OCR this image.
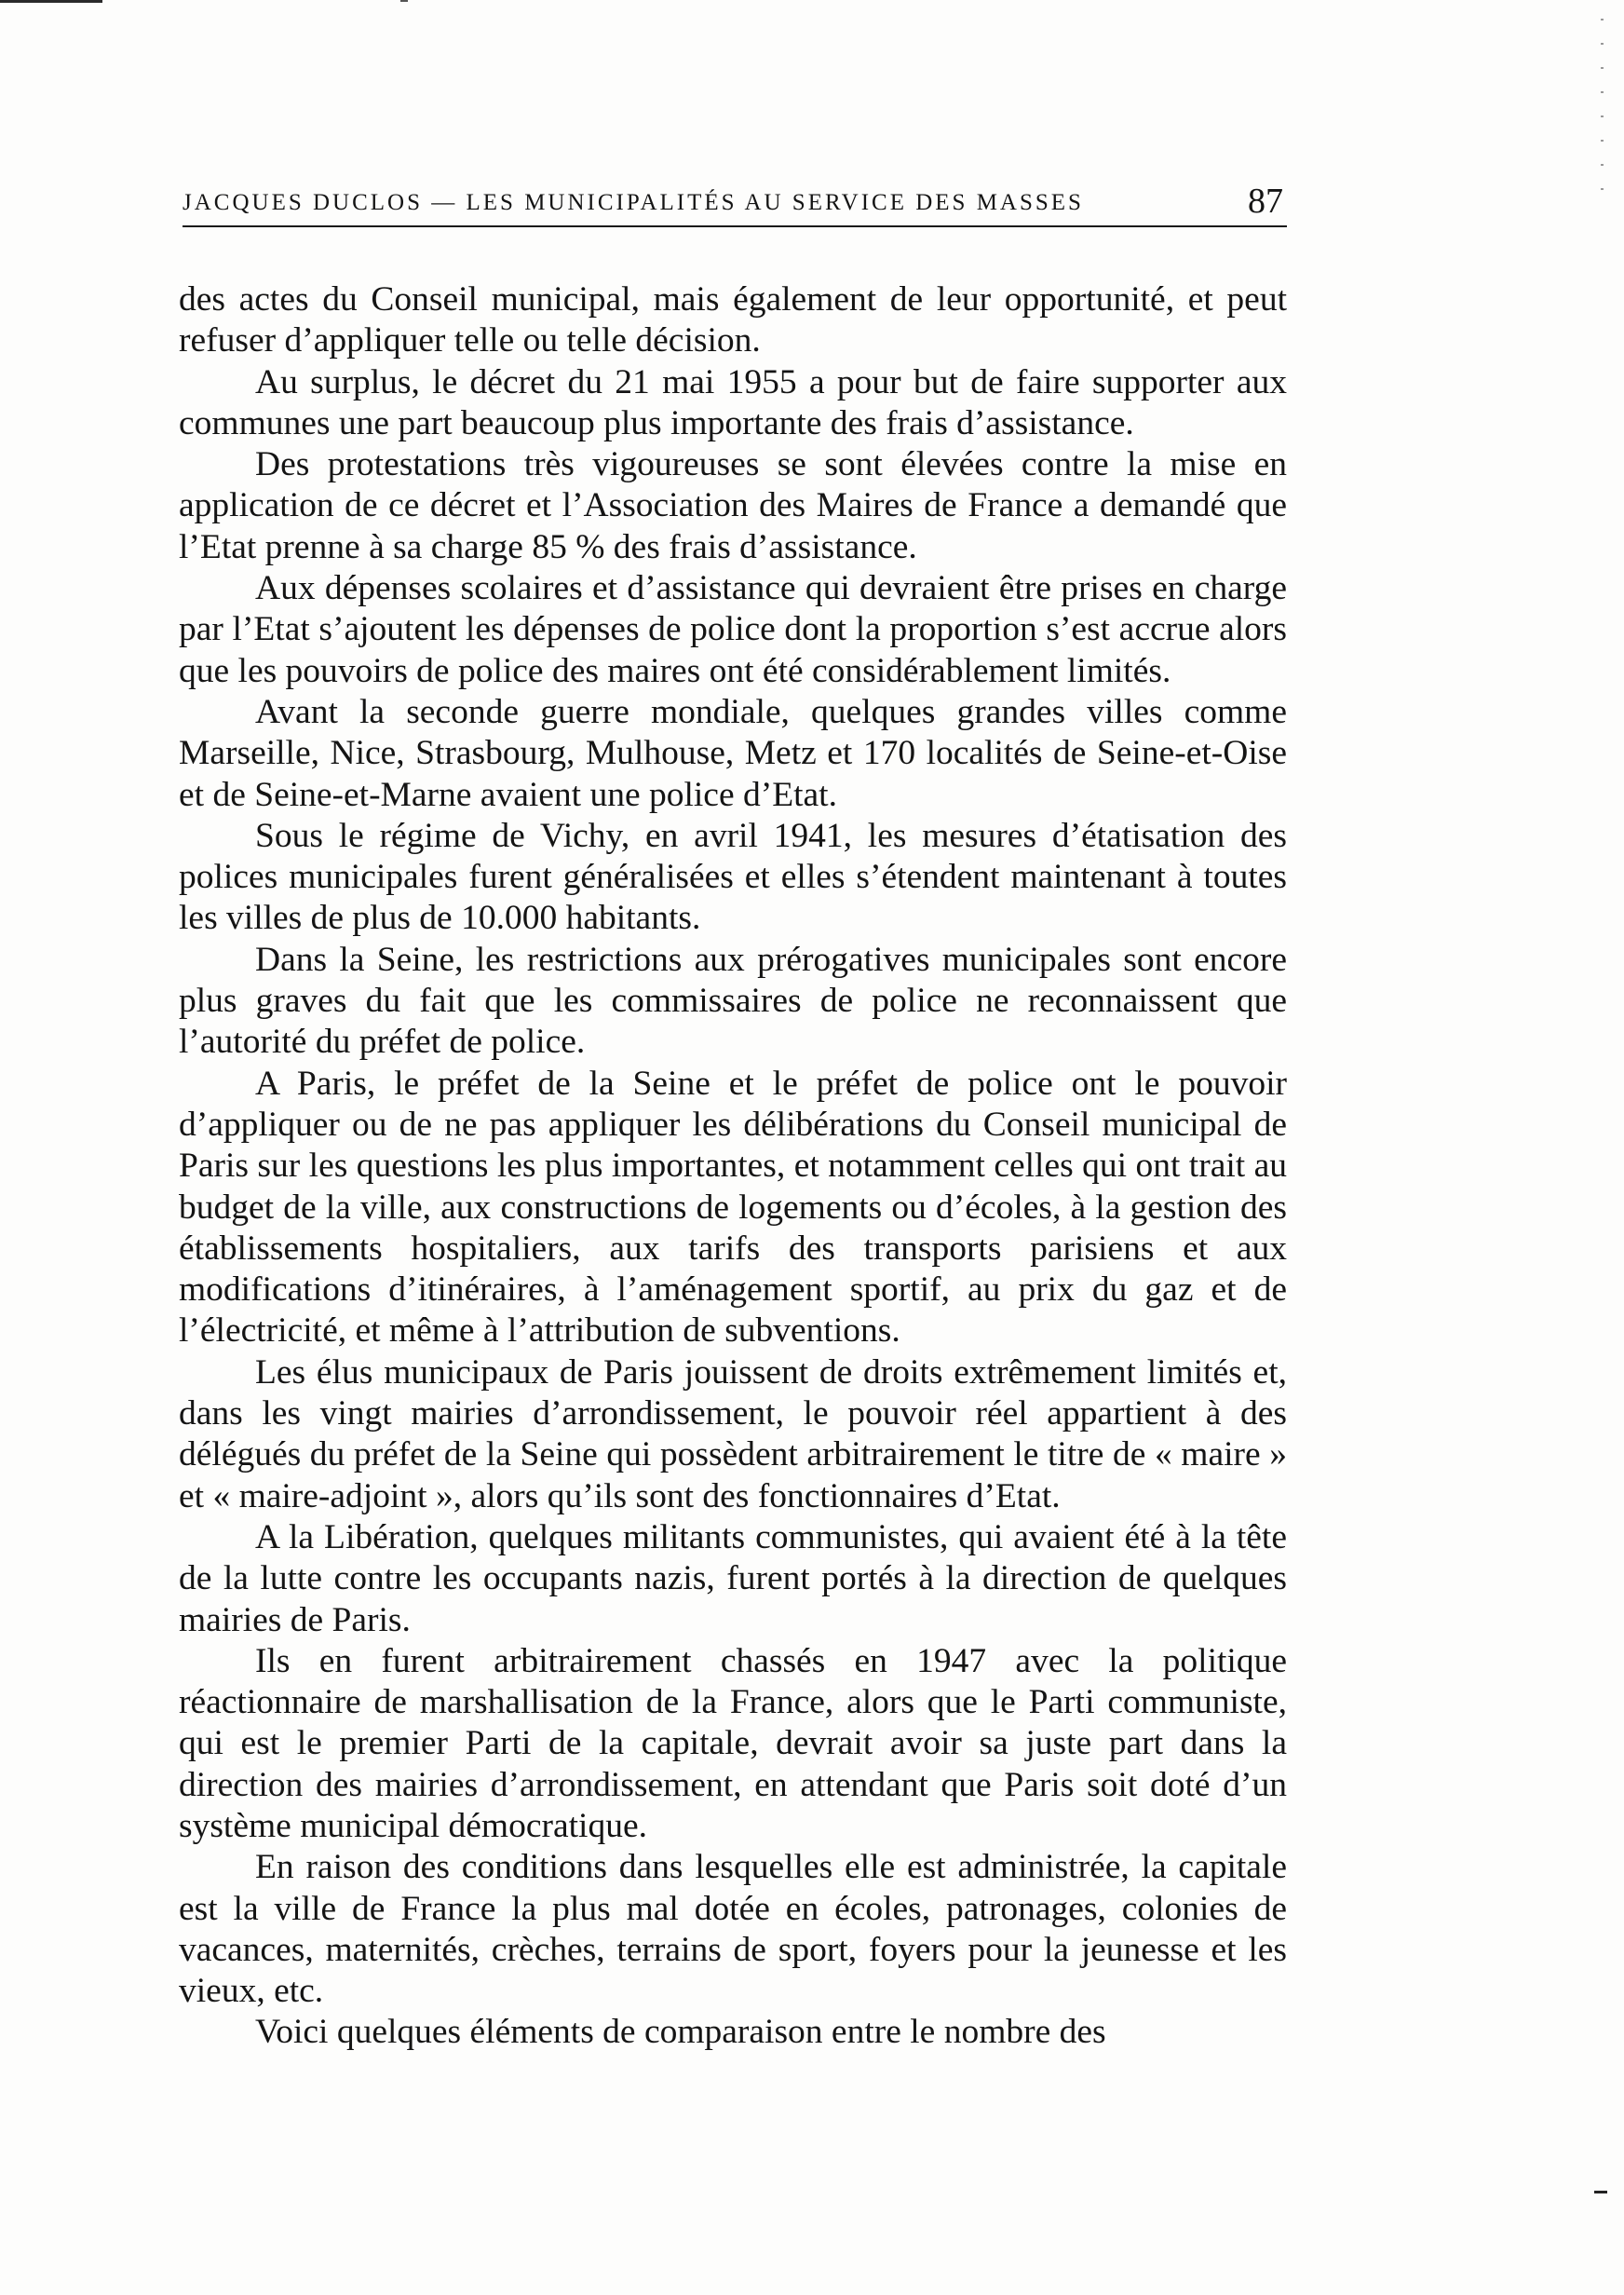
JACQUES DUCLOS — LES MUNICIPALITÉS AU SERVICE DES MASSES	87

des actes du Conseil municipal, mais également de leur opportunité, et peut refuser d’appliquer telle ou telle décision.

Au surplus, le décret du 21 mai 1955 a pour but de faire supporter aux communes une part beaucoup plus importante des frais d’assistance.

Des protestations très vigoureuses se sont élevées contre la mise en application de ce décret et l’Association des Maires de France a demandé que l’Etat prenne à sa charge 85 % des frais d’assistance.

Aux dépenses scolaires et d’assistance qui devraient être prises en charge par l’Etat s’ajoutent les dépenses de police dont la proportion s’est accrue alors que les pouvoirs de police des maires ont été considérablement limités.

Avant la seconde guerre mondiale, quelques grandes villes comme Marseille, Nice, Strasbourg, Mulhouse, Metz et 170 localités de Seine-et-Oise et de Seine-et-Marne avaient une police d’Etat.

Sous le régime de Vichy, en avril 1941, les mesures d’étatisation des polices municipales furent généralisées et elles s’étendent maintenant à toutes les villes de plus de 10.000 habitants.

Dans la Seine, les restrictions aux prérogatives municipales sont encore plus graves du fait que les commissaires de police ne reconnaissent que l’autorité du préfet de police.

A Paris, le préfet de la Seine et le préfet de police ont le pouvoir d’appliquer ou de ne pas appliquer les délibérations du Conseil municipal de Paris sur les questions les plus importantes, et notamment celles qui ont trait au budget de la ville, aux constructions de logements ou d’écoles, à la gestion des établissements hospitaliers, aux tarifs des transports parisiens et aux modifications d’itinéraires, à l’aménagement sportif, au prix du gaz et de l’électricité, et même à l’attribution de subventions.

Les élus municipaux de Paris jouissent de droits extrêmement limités et, dans les vingt mairies d’arrondissement, le pouvoir réel appartient à des délégués du préfet de la Seine qui possèdent arbitrairement le titre de « maire » et « maire-adjoint », alors qu’ils sont des fonctionnaires d’Etat.

A la Libération, quelques militants communistes, qui avaient été à la tête de la lutte contre les occupants nazis, furent portés à la direction de quelques mairies de Paris.

Ils en furent arbitrairement chassés en 1947 avec la politique réactionnaire de marshallisation de la France, alors que le Parti communiste, qui est le premier Parti de la capitale, devrait avoir sa juste part dans la direction des mairies d’arrondissement, en attendant que Paris soit doté d’un système municipal démocratique.

En raison des conditions dans lesquelles elle est administrée, la capitale est la ville de France la plus mal dotée en écoles, patronages, colonies de vacances, maternités, crèches, terrains de sport, foyers pour la jeunesse et les vieux, etc.

Voici quelques éléments de comparaison entre le nombre des
